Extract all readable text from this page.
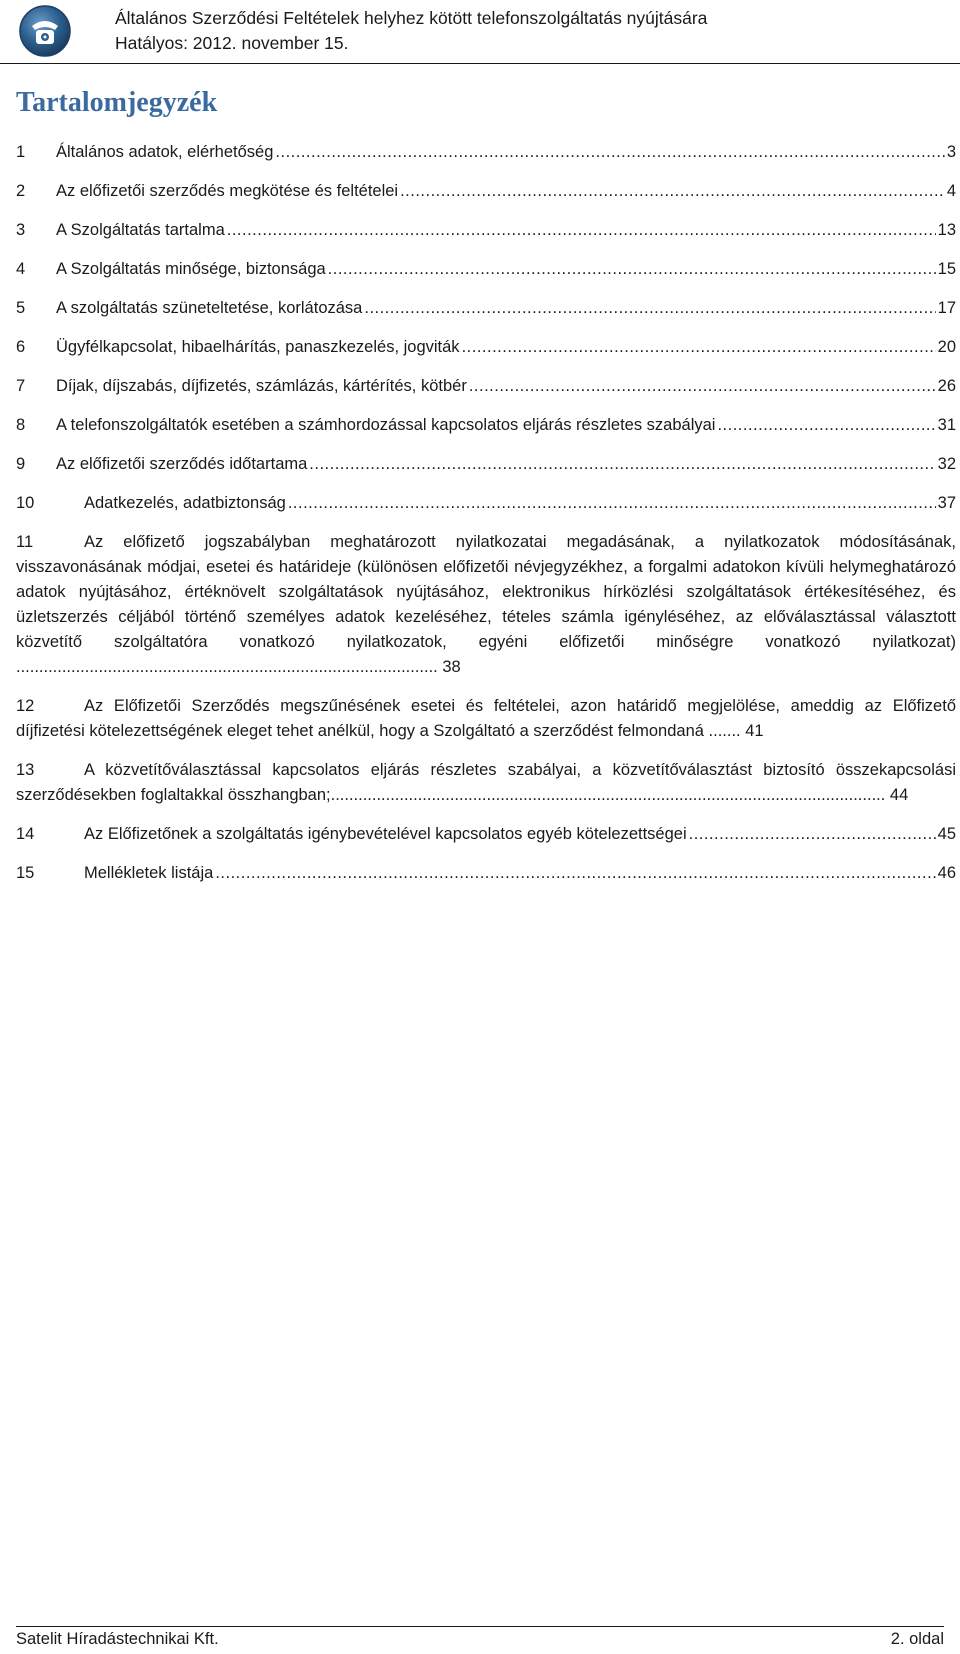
Általános Szerződési Feltételek helyhez kötött telefonszolgáltatás nyújtására
Hatályos: 2012. november 15.
Tartalomjegyzék
1	Általános adatok, elérhetőség .....	3
2	Az előfizetői szerződés megkötése és feltételei .....	4
3	A Szolgáltatás tartalma .....	13
4	A Szolgáltatás minősége, biztonsága .....	15
5	A szolgáltatás szüneteltetése, korlátozása .....	17
6	Ügyfélkapcsolat, hibaelhárítás, panaszkezelés, jogviták .....	20
7	Díjak, díjszabás, díjfizetés, számlázás, kártérítés, kötbér .....	26
8	A telefonszolgáltatók esetében a számhordozással kapcsolatos eljárás részletes szabályai .....	31
9	Az előfizetői szerződés időtartama .....	32
10	Adatkezelés, adatbiztonság .....	37
11	Az előfizető jogszabályban meghatározott nyilatkozatai megadásának, a nyilatkozatok módosításának, visszavonásának módjai, esetei és határideje (különösen előfizetői névjegyzékhez, a forgalmi adatokon kívüli helymeghatározó adatok nyújtásához, értéknövelt szolgáltatások nyújtásához, elektronikus hírközlési szolgáltatások értékesítéséhez, és üzletszerzés céljából történő személyes adatok kezeléséhez, tételes számla igényléséhez, az előválasztással választott közvetítő szolgáltatóra vonatkozó nyilatkozatok, egyéni előfizetői minőségre vonatkozó nyilatkozat) ............................................................................................ 38
12	Az Előfizetői Szerződés megszűnésének esetei és feltételei, azon határidő megjelölése, ameddig az Előfizető díjfizetési kötelezettségének eleget tehet anélkül, hogy a Szolgáltató a szerződést felmondaná ....... 41
13	A közvetítőválasztással kapcsolatos eljárás részletes szabályai, a közvetítőválasztást biztosító összekapcsolási szerződésekben foglaltakkal összhangban;......................................................................................................................... 44
14	Az Előfizetőnek a szolgáltatás igénybevételével kapcsolatos egyéb kötelezettségei .....	45
15	Mellékletek listája .....	46
Satelit Híradástechnikai Kft.	2. oldal
